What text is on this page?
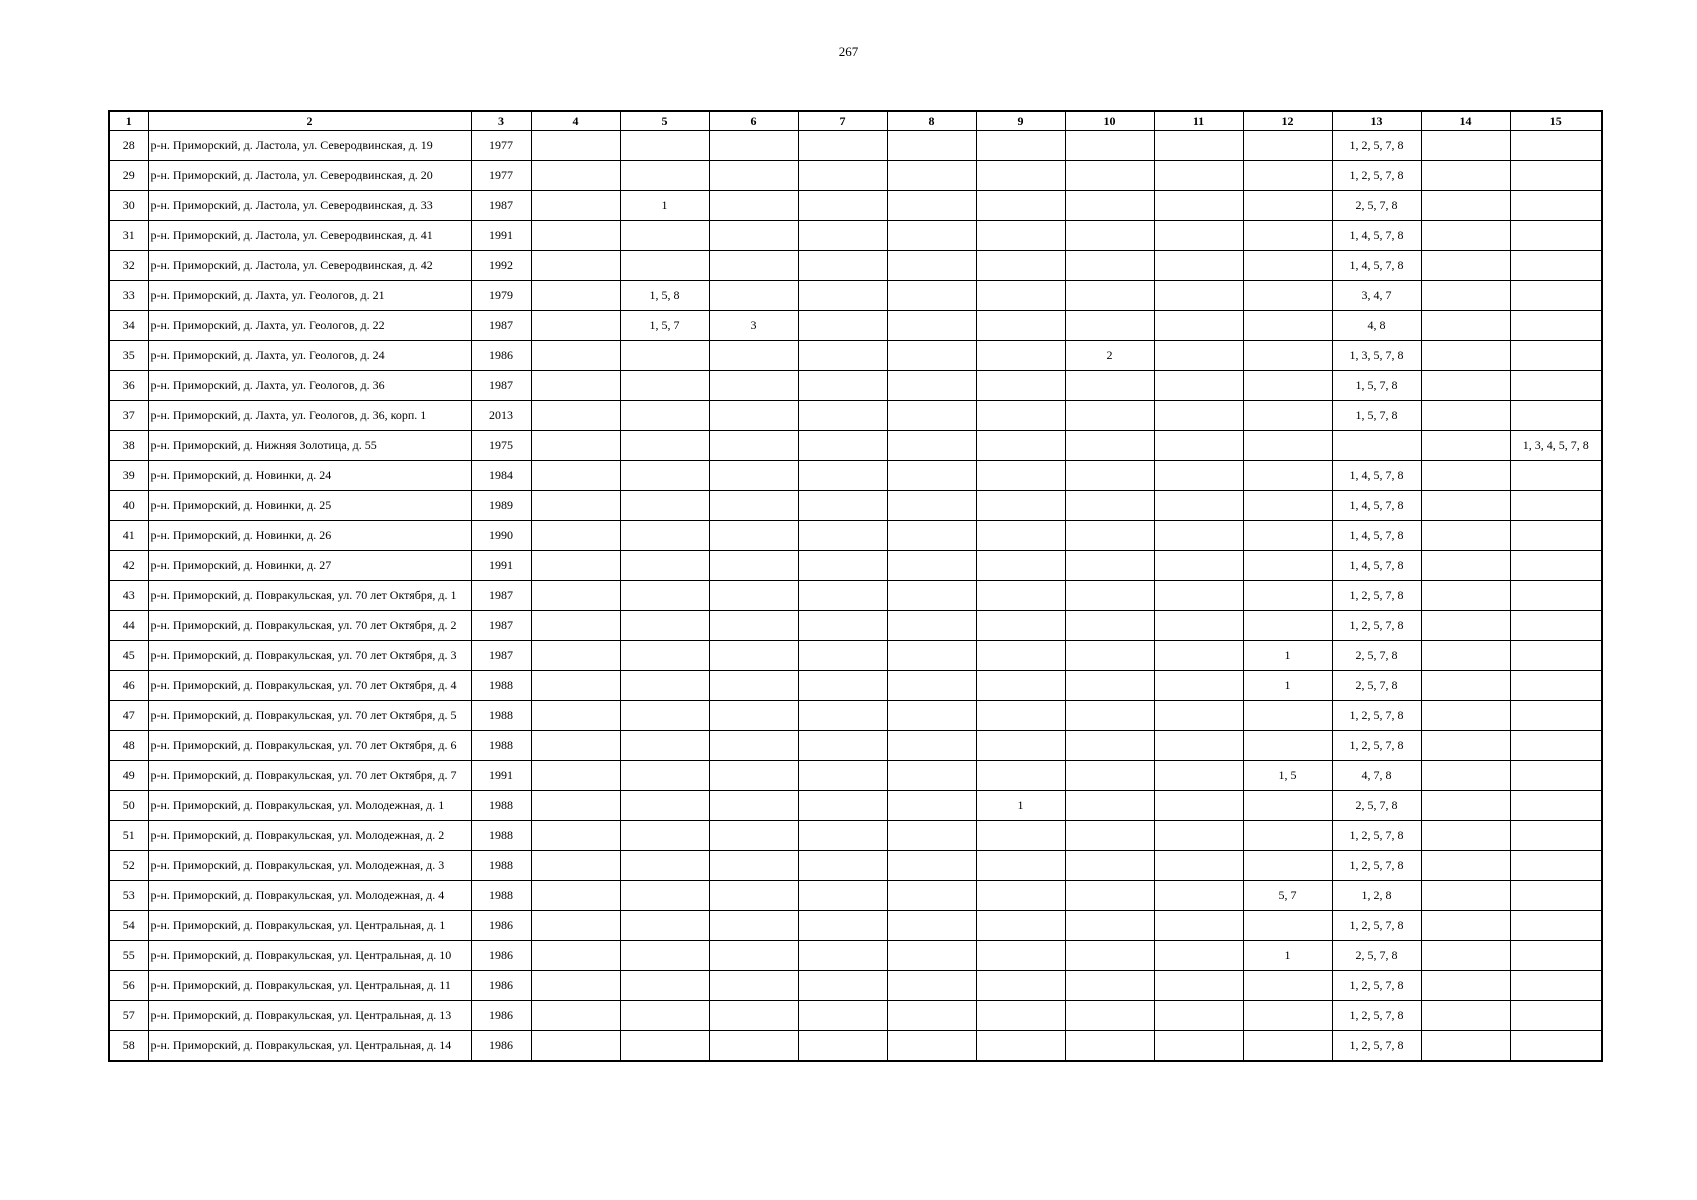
267
1	2	3	4	5	6	7	8	9	10	11	12	13	14	15
28	р-н. Приморский, д. Ластола, ул. Северодвинская, д. 19	1977										1, 2, 5, 7, 8		
29	р-н. Приморский, д. Ластола, ул. Северодвинская, д. 20	1977										1, 2, 5, 7, 8		
30	р-н. Приморский, д. Ластола, ул. Северодвинская, д. 33	1987		1								2, 5, 7, 8		
31	р-н. Приморский, д. Ластола, ул. Северодвинская, д. 41	1991										1, 4, 5, 7, 8		
32	р-н. Приморский, д. Ластола, ул. Северодвинская, д. 42	1992										1, 4, 5, 7, 8		
33	р-н. Приморский, д. Лахта, ул. Геологов, д. 21	1979		1, 5, 8								3, 4, 7		
34	р-н. Приморский, д. Лахта, ул. Геологов, д. 22	1987		1, 5, 7	3							4, 8		
35	р-н. Приморский, д. Лахта, ул. Геологов, д. 24	1986							2			1, 3, 5, 7, 8		
36	р-н. Приморский, д. Лахта, ул. Геологов, д. 36	1987										1, 5, 7, 8		
37	р-н. Приморский, д. Лахта, ул. Геологов, д. 36, корп. 1	2013										1, 5, 7, 8		
38	р-н. Приморский, д. Нижняя Золотица, д. 55	1975												1, 3, 4, 5, 7, 8
39	р-н. Приморский, д. Новинки, д. 24	1984										1, 4, 5, 7, 8		
40	р-н. Приморский, д. Новинки, д. 25	1989										1, 4, 5, 7, 8		
41	р-н. Приморский, д. Новинки, д. 26	1990										1, 4, 5, 7, 8		
42	р-н. Приморский, д. Новинки, д. 27	1991										1, 4, 5, 7, 8		
43	р-н. Приморский, д. Повракульская, ул. 70 лет Октября, д. 1	1987										1, 2, 5, 7, 8		
44	р-н. Приморский, д. Повракульская, ул. 70 лет Октября, д. 2	1987										1, 2, 5, 7, 8		
45	р-н. Приморский, д. Повракульская, ул. 70 лет Октября, д. 3	1987									1	2, 5, 7, 8		
46	р-н. Приморский, д. Повракульская, ул. 70 лет Октября, д. 4	1988									1	2, 5, 7, 8		
47	р-н. Приморский, д. Повракульская, ул. 70 лет Октября, д. 5	1988										1, 2, 5, 7, 8		
48	р-н. Приморский, д. Повракульская, ул. 70 лет Октября, д. 6	1988										1, 2, 5, 7, 8		
49	р-н. Приморский, д. Повракульская, ул. 70 лет Октября, д. 7	1991									1, 5	4, 7, 8		
50	р-н. Приморский, д. Повракульская, ул. Молодежная, д. 1	1988						1				2, 5, 7, 8		
51	р-н. Приморский, д. Повракульская, ул. Молодежная, д. 2	1988										1, 2, 5, 7, 8		
52	р-н. Приморский, д. Повракульская, ул. Молодежная, д. 3	1988										1, 2, 5, 7, 8		
53	р-н. Приморский, д. Повракульская, ул. Молодежная, д. 4	1988									5, 7	1, 2, 8		
54	р-н. Приморский, д. Повракульская, ул. Центральная, д. 1	1986										1, 2, 5, 7, 8		
55	р-н. Приморский, д. Повракульская, ул. Центральная, д. 10	1986									1	2, 5, 7, 8		
56	р-н. Приморский, д. Повракульская, ул. Центральная, д. 11	1986										1, 2, 5, 7, 8		
57	р-н. Приморский, д. Повракульская, ул. Центральная, д. 13	1986										1, 2, 5, 7, 8		
58	р-н. Приморский, д. Повракульская, ул. Центральная, д. 14	1986										1, 2, 5, 7, 8		
